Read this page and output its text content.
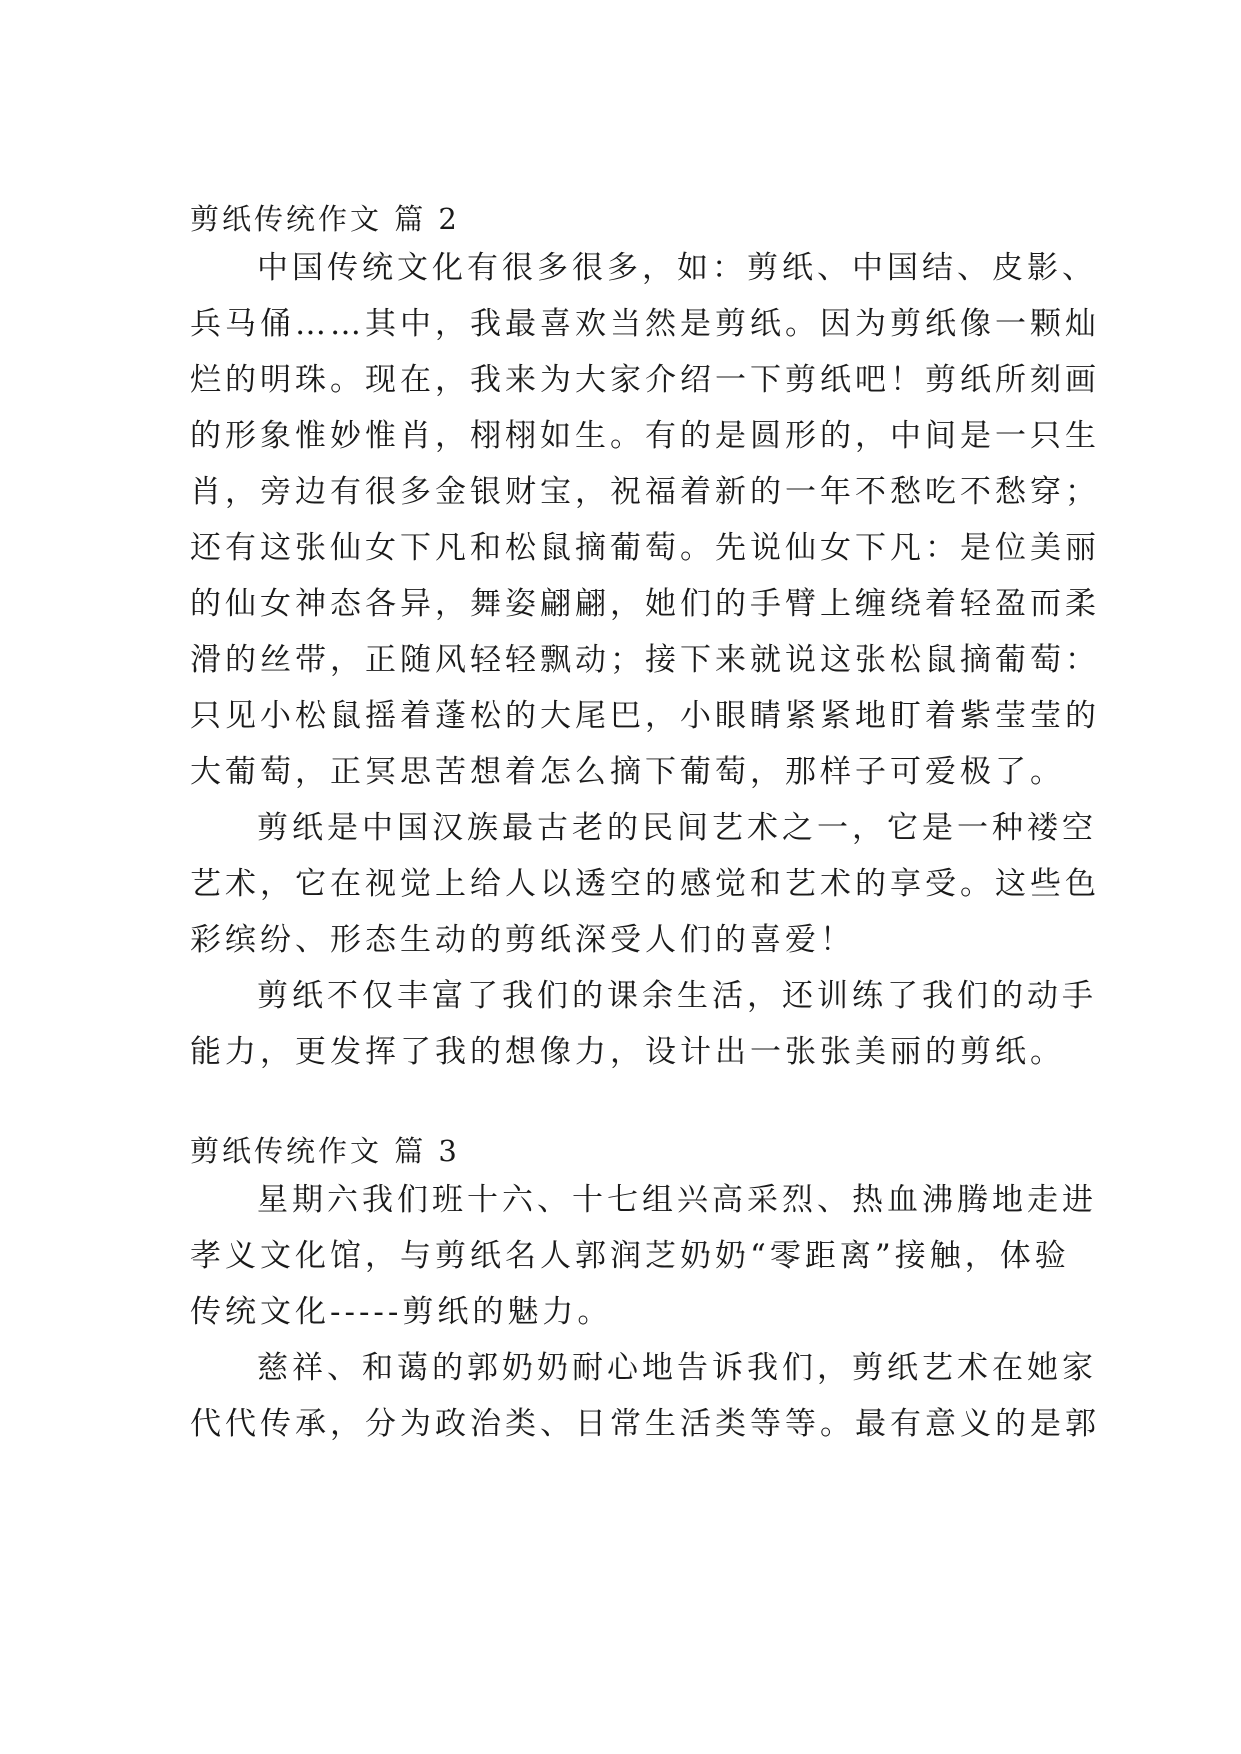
剪纸传统作文 篇 2
中国传统文化有很多很多，如：剪纸、中国结、皮影、
兵马俑……其中，我最喜欢当然是剪纸。因为剪纸像一颗灿
烂的明珠。现在，我来为大家介绍一下剪纸吧！剪纸所刻画
的形象惟妙惟肖，栩栩如生。有的是圆形的，中间是一只生
肖，旁边有很多金银财宝，祝福着新的一年不愁吃不愁穿；
还有这张仙女下凡和松鼠摘葡萄。先说仙女下凡：是位美丽
的仙女神态各异，舞姿翩翩，她们的手臂上缠绕着轻盈而柔
滑的丝带，正随风轻轻飘动；接下来就说这张松鼠摘葡萄：
只见小松鼠摇着蓬松的大尾巴，小眼睛紧紧地盯着紫莹莹的
大葡萄，正冥思苦想着怎么摘下葡萄，那样子可爱极了。
剪纸是中国汉族最古老的民间艺术之一，它是一种褛空
艺术，它在视觉上给人以透空的感觉和艺术的享受。这些色
彩缤纷、形态生动的剪纸深受人们的喜爱！
剪纸不仅丰富了我们的课余生活，还训练了我们的动手
能力，更发挥了我的想像力，设计出一张张美丽的剪纸。
剪纸传统作文 篇 3
星期六我们班十六、十七组兴高采烈、热血沸腾地走进
孝义文化馆，与剪纸名人郭润芝奶奶“零距离”接触，体验
传统文化-----剪纸的魅力。
慈祥、和蔼的郭奶奶耐心地告诉我们，剪纸艺术在她家
代代传承，分为政治类、日常生活类等等。最有意义的是郭
